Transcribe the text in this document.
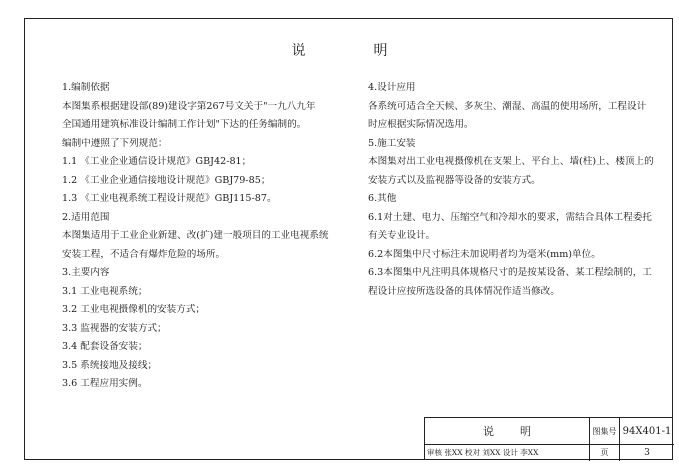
说明
1.编制依据
本图集系根据建设部(89)建设字第267号文关于"一九八九年
全国通用建筑标准设计编制工作计划"下达的任务编制的。
编制中遵照了下列规范：
1.1 《工业企业通信设计规范》GBJ42-81；
1.2 《工业企业通信接地设计规范》GBJ79-85；
1.3 《工业电视系统工程设计规范》GBJ115-87。
2.适用范围
本图集适用于工业企业新建、改(扩)建一般项目的工业电视系统
安装工程，不适合有爆炸危险的场所。
3.主要内容
3.1 工业电视系统；
3.2 工业电视摄像机的安装方式；
3.3 监视器的安装方式；
3.4 配套设备安装；
3.5 系统接地及接线；
3.6 工程应用实例。
4.设计应用
各系统可适合全天候、多灰尘、潮湿、高温的使用场所，工程设计
时应根据实际情况选用。
5.施工安装
本图集对出工业电视摄像机在支架上、平台上、墙(柱)上、楼顶上的
安装方式以及监视器等设备的安装方式。
6.其他
6.1对土建、电力、压缩空气和冷却水的要求，需结合具体工程委托
有关专业设计。
6.2本图集中尺寸标注未加说明者均为毫米(mm)单位。
6.3本图集中凡注明具体规格尺寸的是按某设备、某工程绘制的，工
程设计应按所选设备的具体情况作适当修改。
说明	图集号 94X401-1
审核 张XX 校对 刘XX 设计 李XX	页	3
